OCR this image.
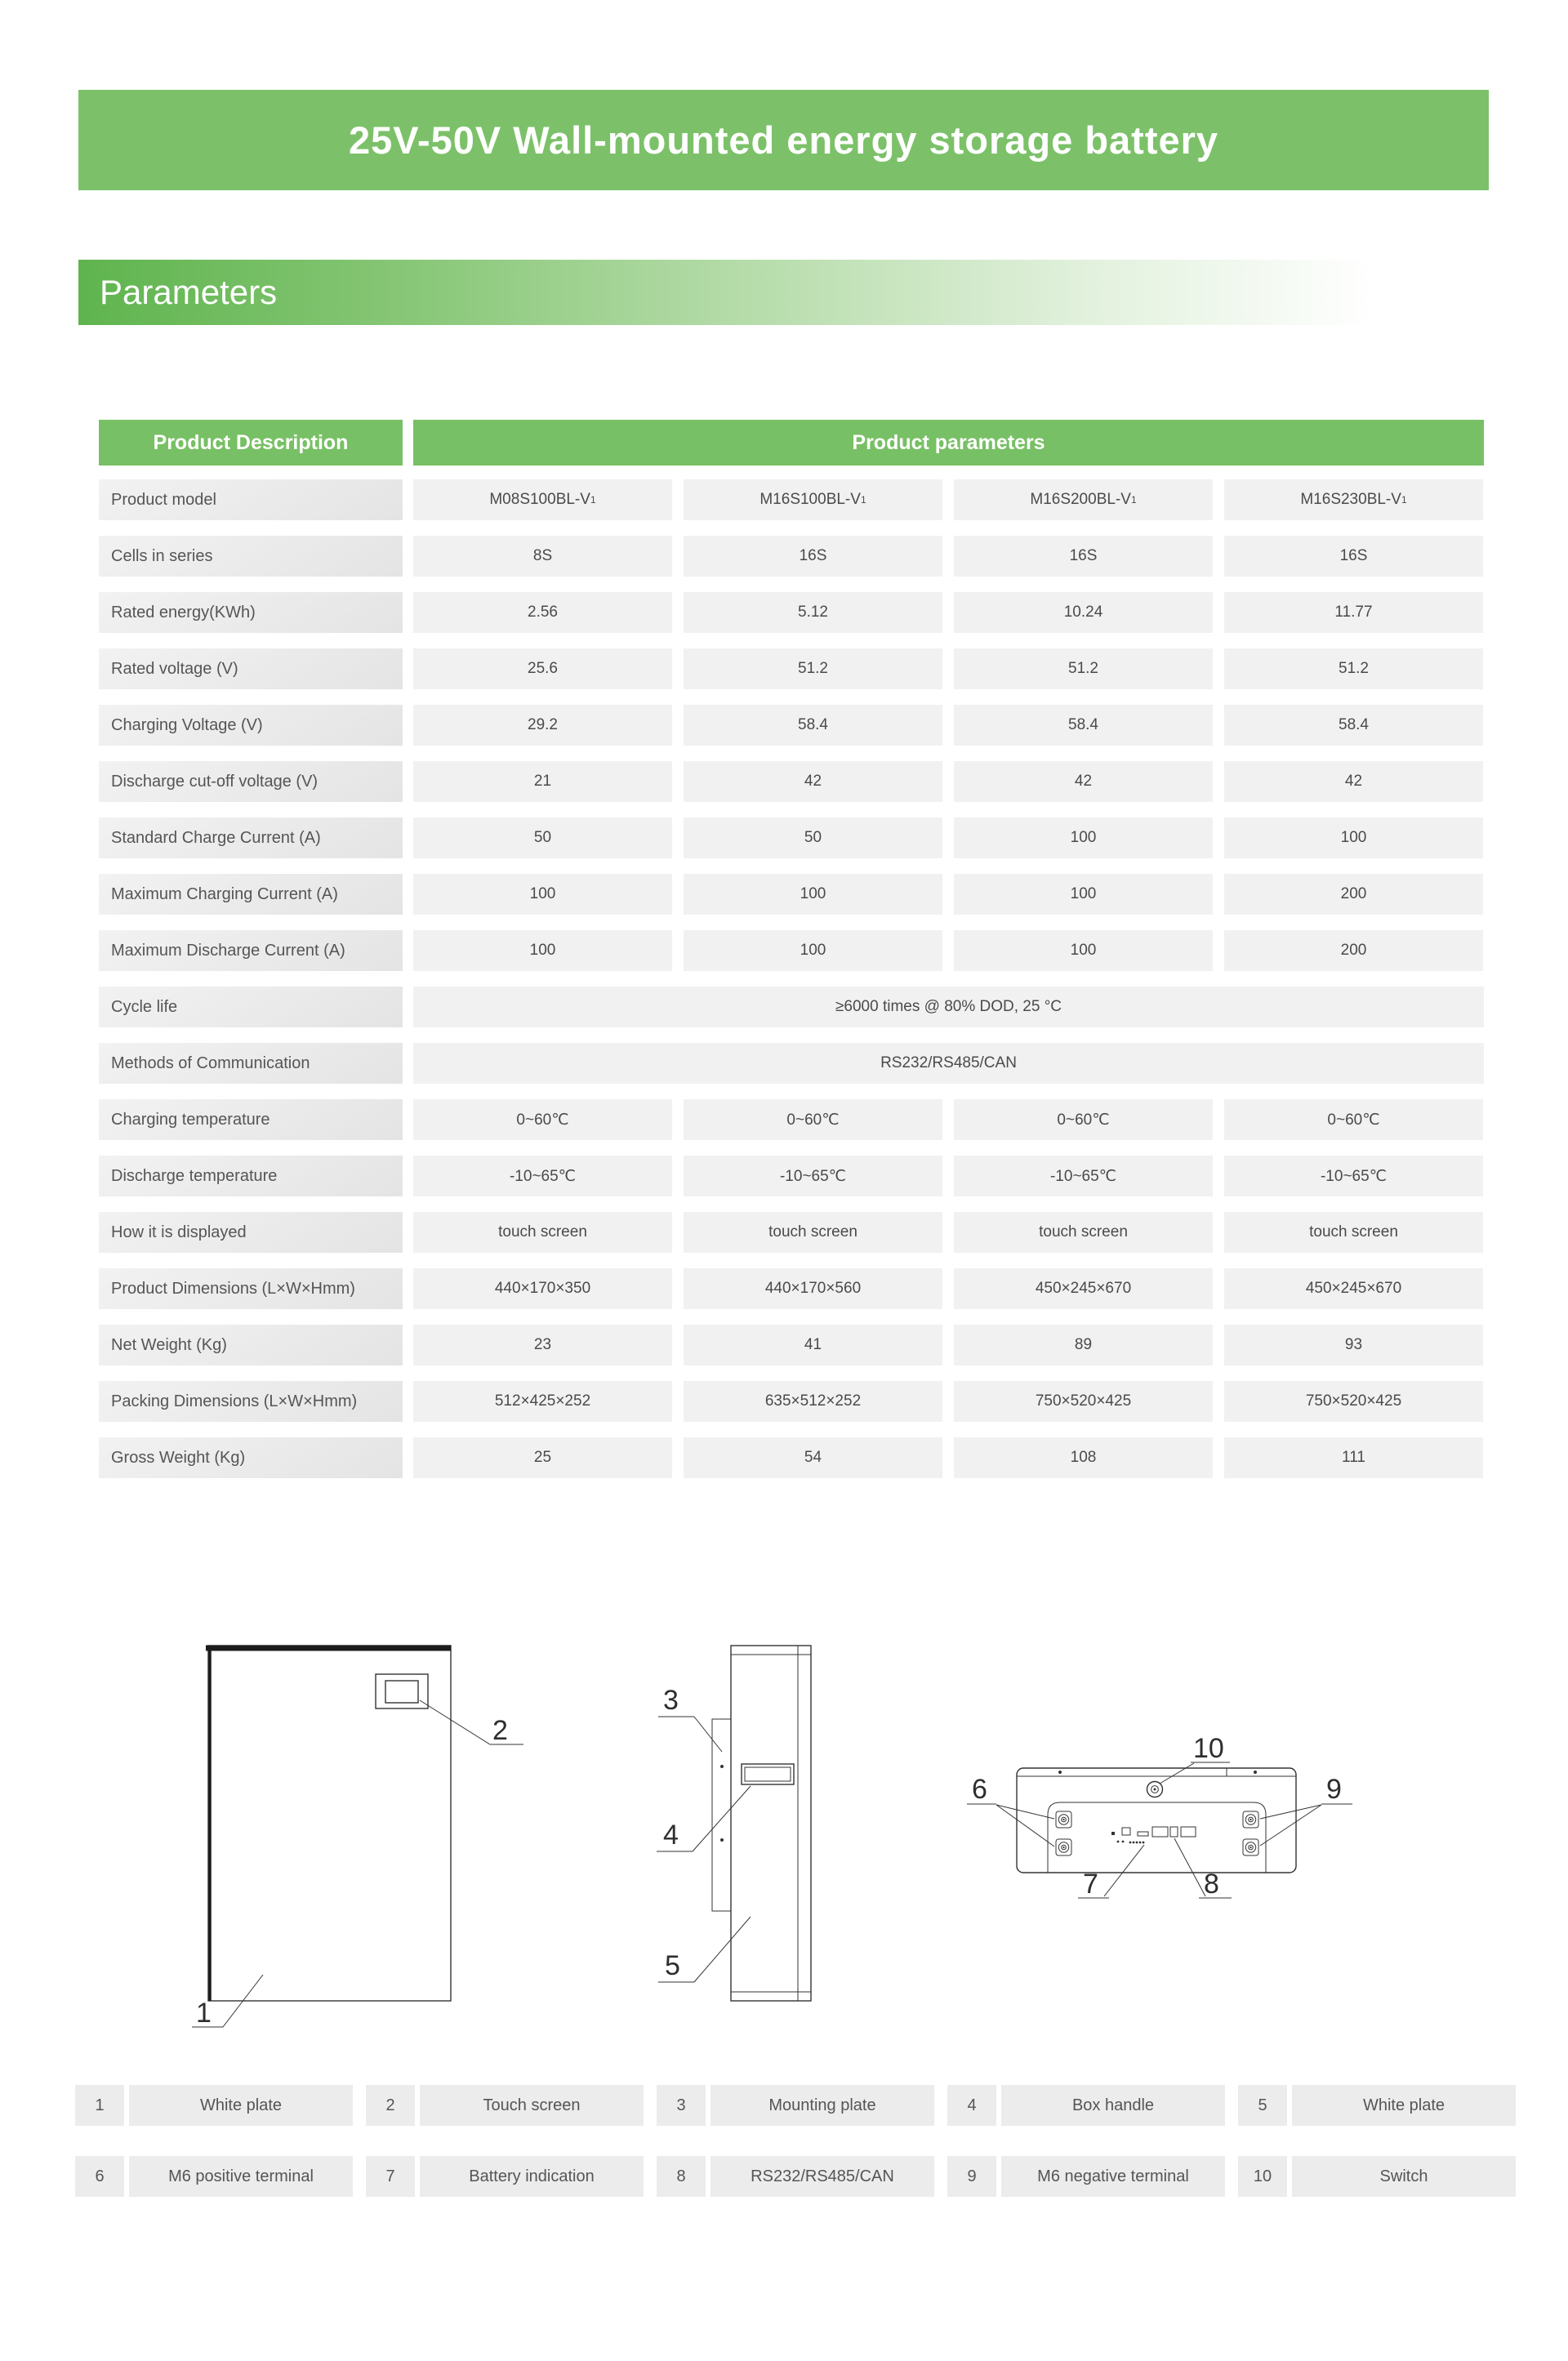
25V-50V Wall-mounted energy storage battery
Parameters
Product Description	Product parameters
Product model	M08S100BL-V 1	M16S100BL-V 1	M16S200BL-V 1	M16S230BL-V 1
Cells in series	8S	16S	16S	16S
Rated energy(KWh)	2.56	5.12	10.24	11.77
Rated voltage (V)	25.6	51.2	51.2	51.2
Charging Voltage (V)	29.2	58.4	58.4	58.4
Discharge cut-off voltage (V)	21	42	42	42
Standard Charge Current (A)	50	50	100	100
Maximum Charging Current (A)	100	100	100	200
Maximum Discharge Current (A)	100	100	100	200
Cycle life	≥6000 times @ 80% DOD, 25 °C
Methods of Communication	RS232/RS485/CAN
Charging temperature	0~60℃	0~60℃	0~60℃	0~60℃
Discharge temperature	-10~65℃	-10~65℃	-10~65℃	-10~65℃
How it is displayed	touch screen	touch screen	touch screen	touch screen
Product Dimensions (L×W×Hmm)	440×170×350	440×170×560	450×245×670	450×245×670
Net Weight (Kg)	23	41	89	93
Packing Dimensions (L×W×Hmm)	512×425×252	635×512×252	750×520×425	750×520×425
Gross Weight (Kg)	25	54	108	111
2
1
3
4
5
10
6	9
7	8
1	White plate	2	Touch screen	3	Mounting plate	4	Box handle	5	White plate
6	M6 positive terminal	7	Battery indication	8	RS232/RS485/CAN	9	M6 negative terminal	10	Switch
